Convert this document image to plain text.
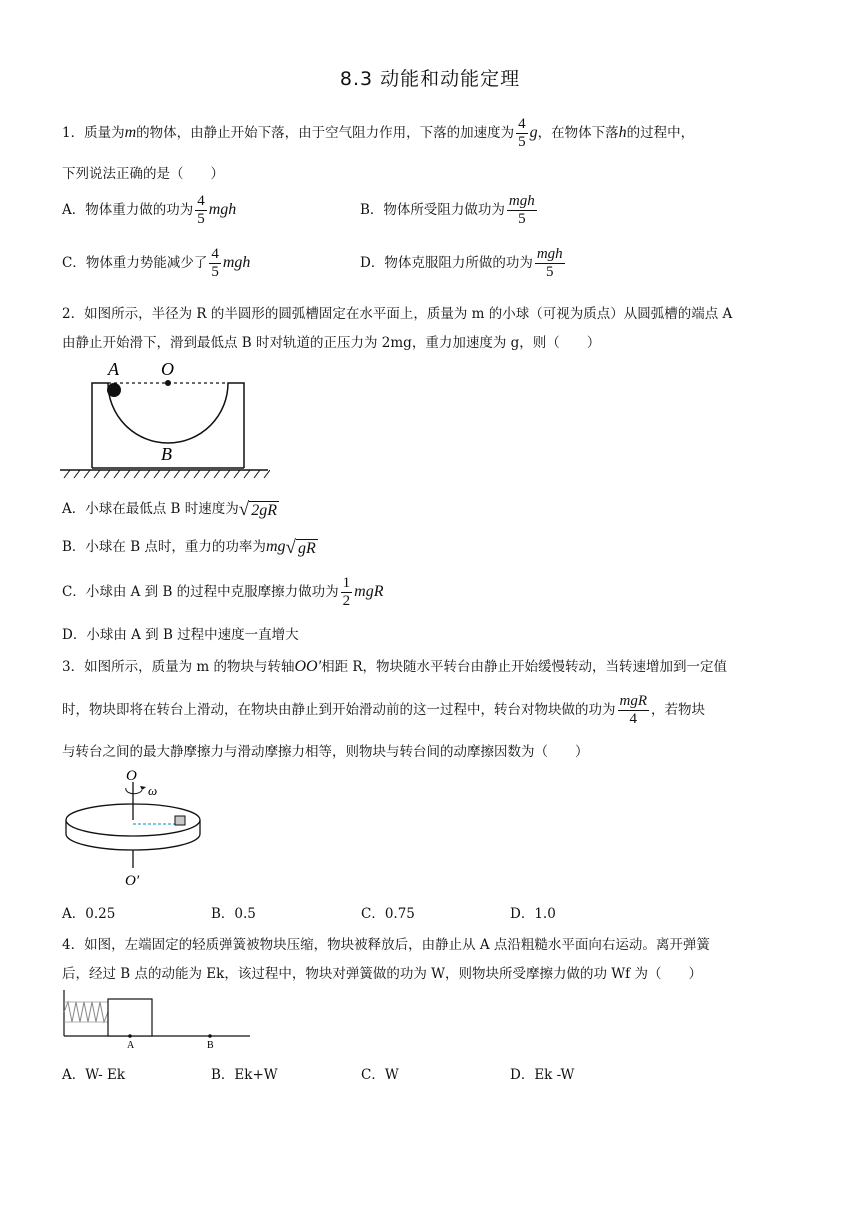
8.3 动能和动能定理
1．质量为m的物体，由静止开始下落，由于空气阻力作用，下落的加速度为 $\frac{4}{5}$ g，在物体下落h的过程中，
下列说法正确的是（　　）
A．物体重力做的功为 $\frac{4}{5}$ mgh	B．物体所受阻力做功为 $\frac{\text{mgh}}{5}$
C．物体重力势能减少了 $\frac{4}{5}$ mgh	D．物体克服阻力所做的功为 $\frac{\text{mgh}}{5}$
2．如图所示，半径为 R 的半圆形的圆弧槽固定在水平面上，质量为 m 的小球（可视为质点）从圆弧槽的端点 A
由静止开始滑下，滑到最低点 B 时对轨道的正压力为 2mg，重力加速度为 g，则（　　）
A O
B
A．小球在最低点 B 时速度为√ 2gR
B．小球在 B 点时，重力的功率为mg√ gR
C．小球由 A 到 B 的过程中克服摩擦力做功为 $\frac{1}{2}$ mgR
D．小球由 A 到 B 过程中速度一直增大
3．如图所示，质量为 m 的物块与转轴OO′相距 R，物块随水平转台由静止开始缓慢转动，当转速增加到一定值
时，物块即将在转台上滑动，在物块由静止到开始滑动前的这一过程中，转台对物块做的功为 $\frac{\text{mgR}}{4}$ ，若物块
与转台之间的最大静摩擦力与滑动摩擦力相等，则物块与转台间的动摩擦因数为（　　）
O
ω
O′
A．0.25	B．0.5	C．0.75	D．1.0
4．如图，左端固定的轻质弹簧被物块压缩，物块被释放后，由静止从 A 点沿粗糙水平面向右运动。离开弹簧
后，经过 B 点的动能为 Ek，该过程中，物块对弹簧做的功为 W，则物块所受摩擦力做的功 Wf 为（　　）
A	B
A．W- Ek	B．Ek+W	C．W	D．Ek -W
